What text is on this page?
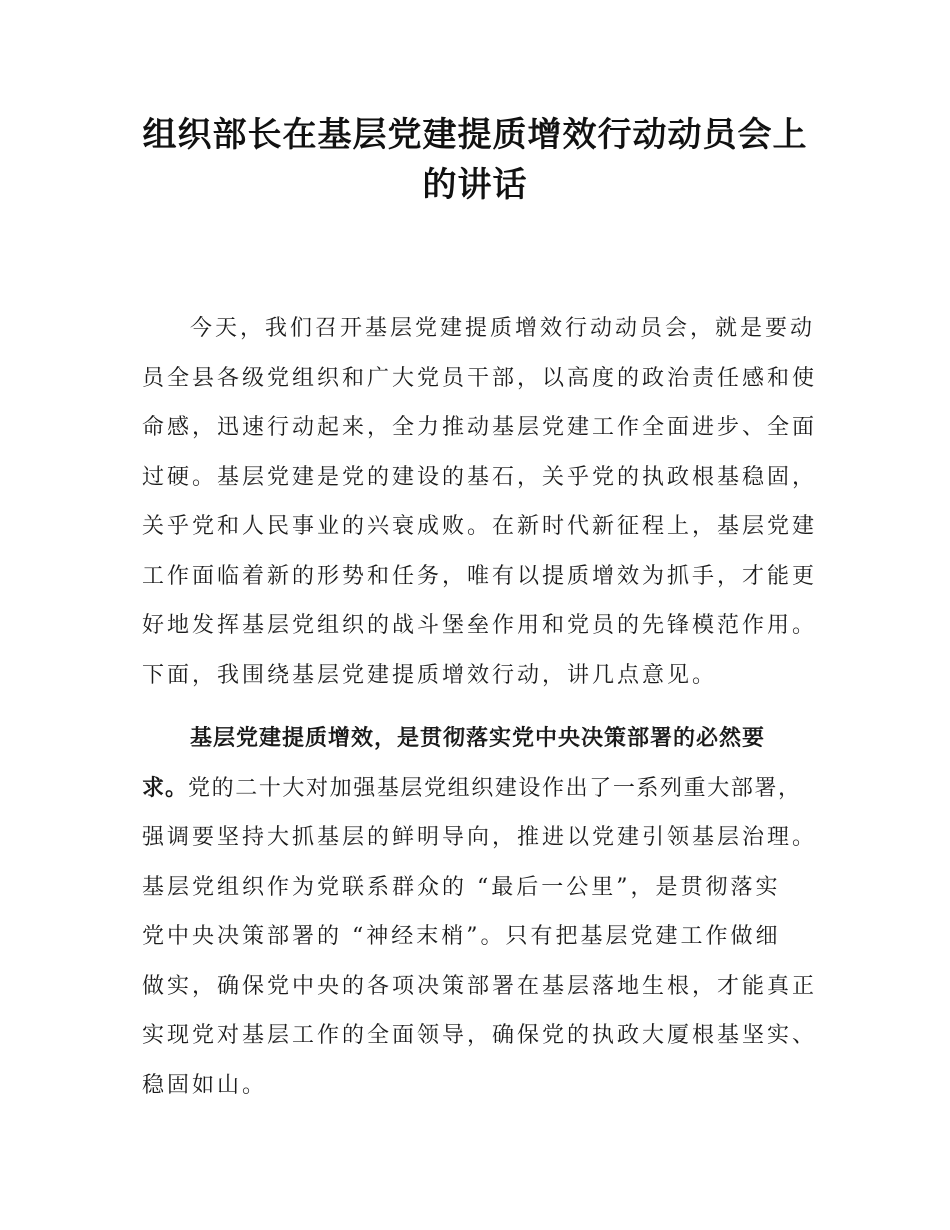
组织部长在基层党建提质增效行动动员会上
的讲话

今天，我们召开基层党建提质增效行动动员会，就是要动
员全县各级党组织和广大党员干部，以高度的政治责任感和使
命感，迅速行动起来，全力推动基层党建工作全面进步、全面
过硬。基层党建是党的建设的基石，关乎党的执政根基稳固，
关乎党和人民事业的兴衰成败。在新时代新征程上，基层党建
工作面临着新的形势和任务，唯有以提质增效为抓手，才能更
好地发挥基层党组织的战斗堡垒作用和党员的先锋模范作用。
下面，我围绕基层党建提质增效行动，讲几点意见。

基层党建提质增效，是贯彻落实党中央决策部署的必然要
求。党的二十大对加强基层党组织建设作出了一系列重大部署，
强调要坚持大抓基层的鲜明导向，推进以党建引领基层治理。
基层党组织作为党联系群众的 “最后一公里”，是贯彻落实
党中央决策部署的 “神经末梢”。只有把基层党建工作做细
做实，确保党中央的各项决策部署在基层落地生根，才能真正
实现党对基层工作的全面领导，确保党的执政大厦根基坚实、
稳固如山。
